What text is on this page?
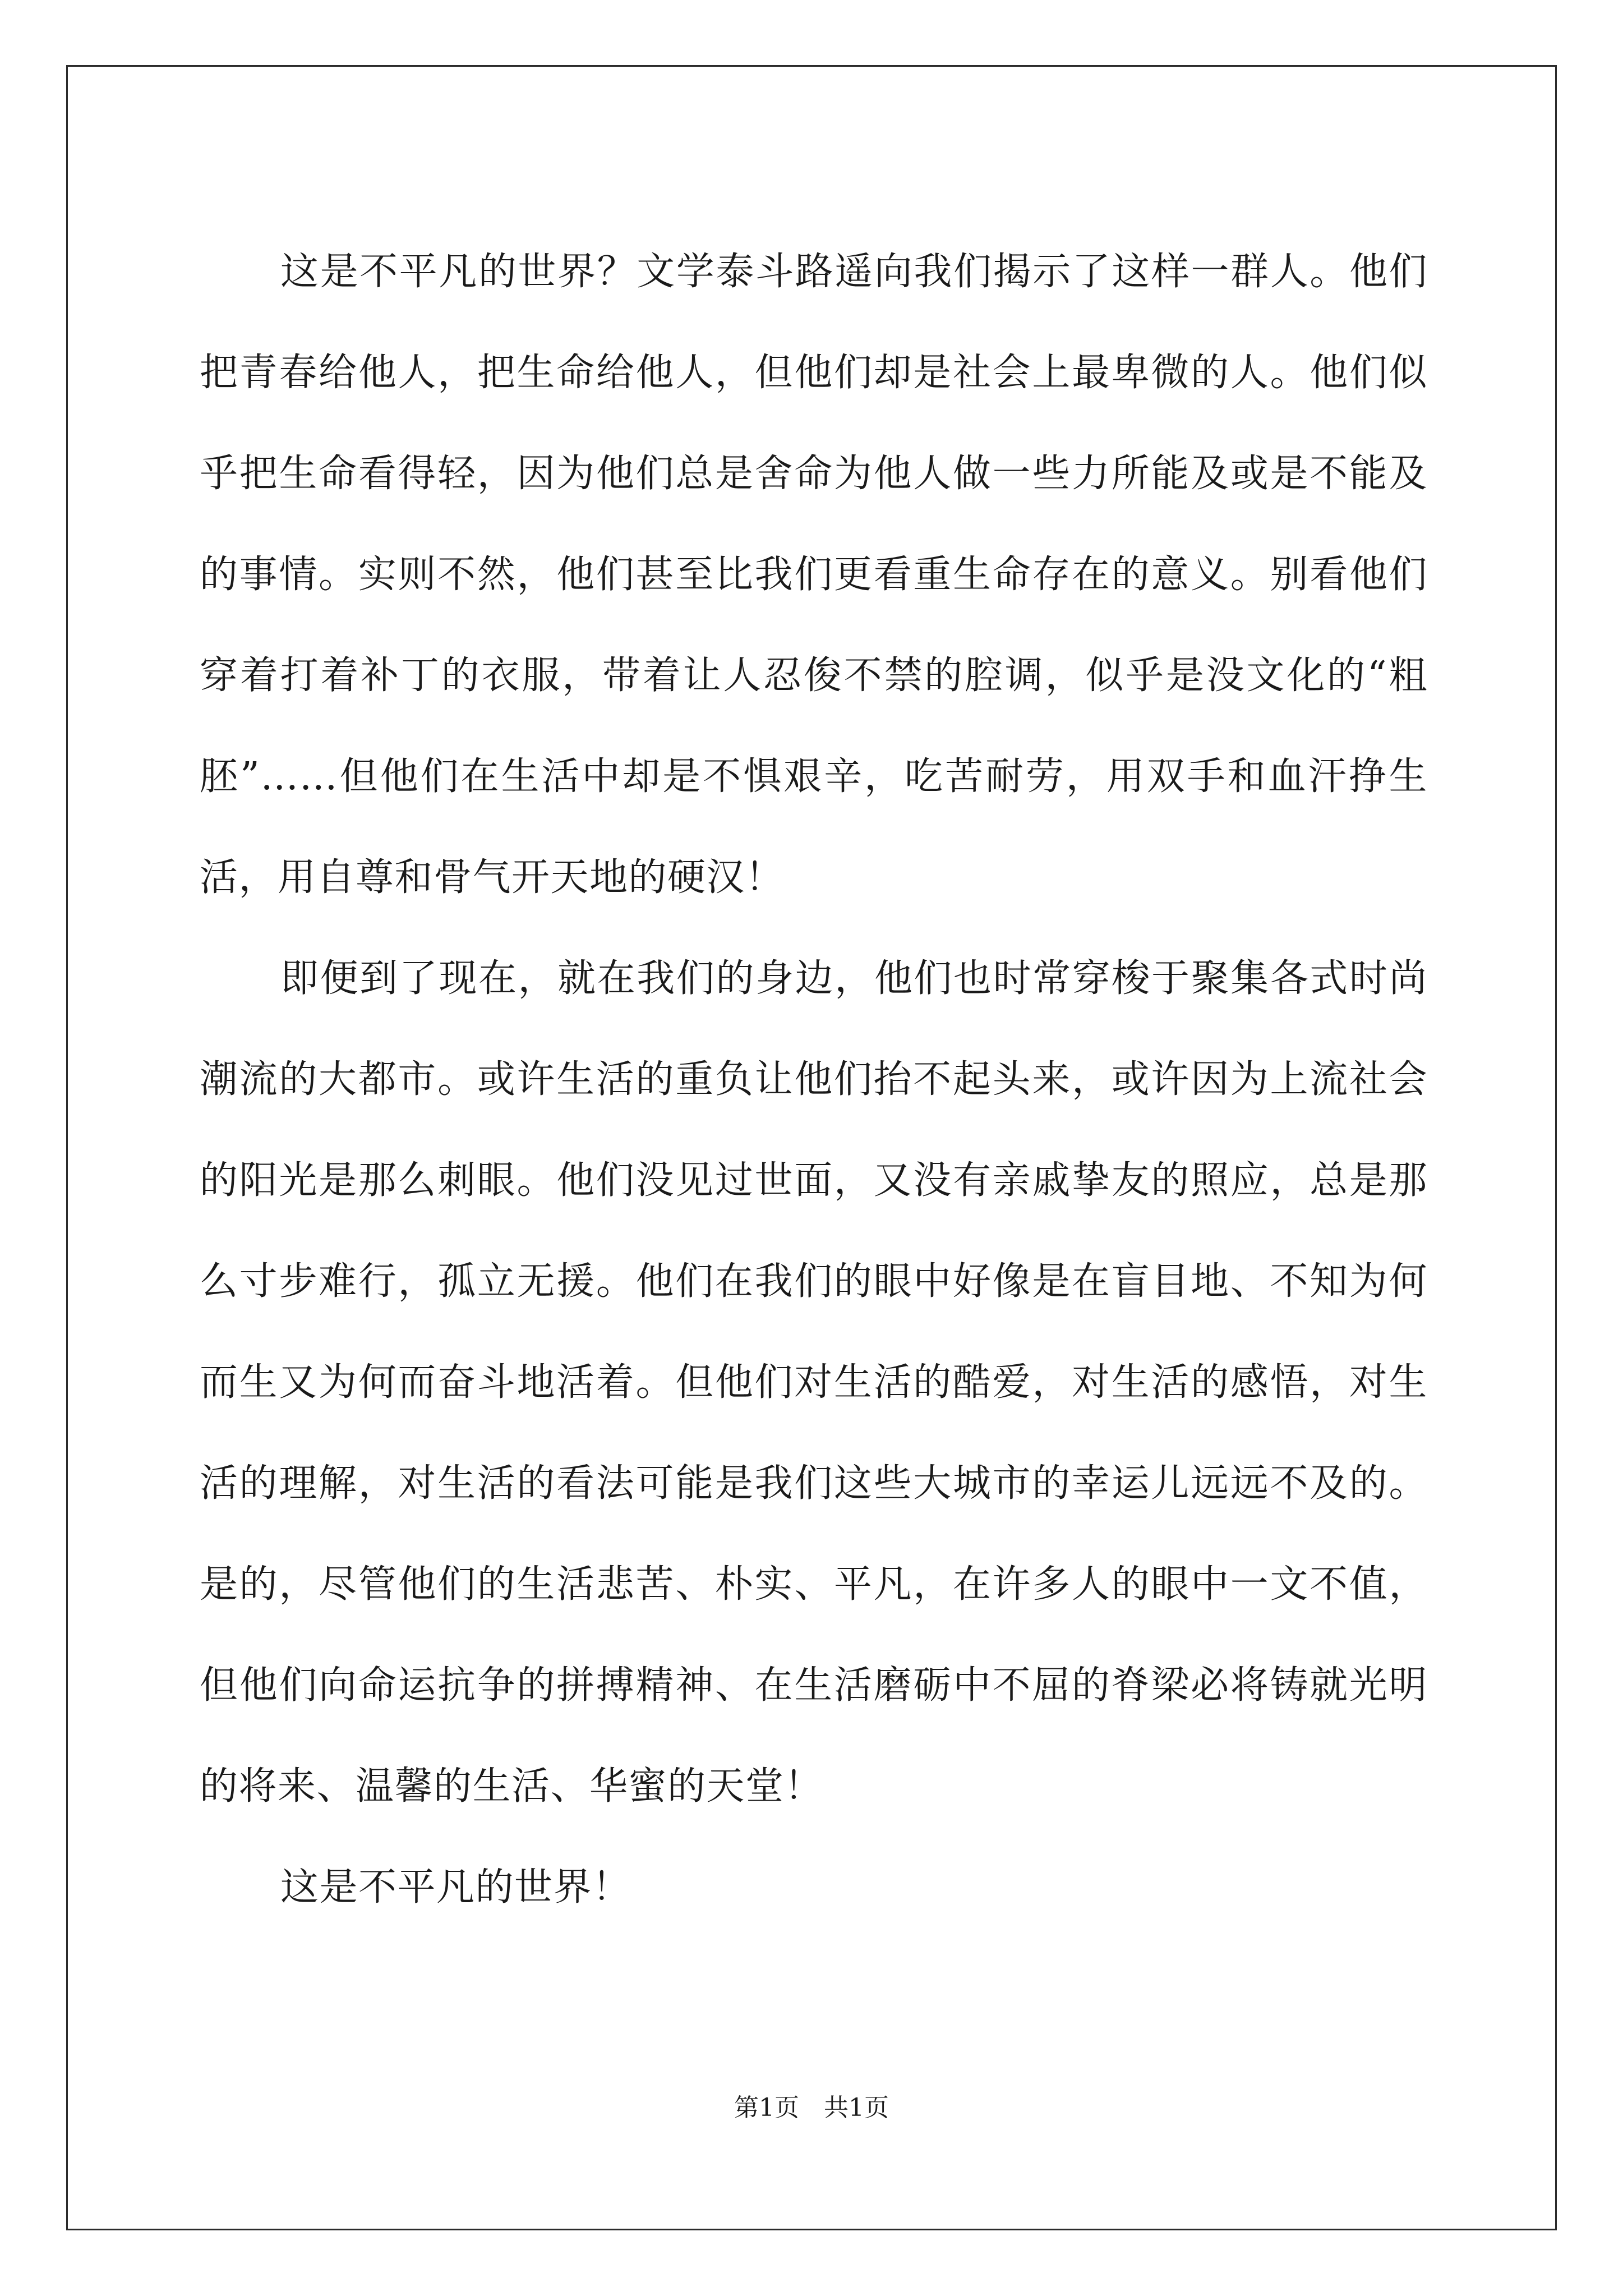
这是不平凡的世界？文学泰斗路遥向我们揭示了这样一群人。他们把青春给他人，把生命给他人，但他们却是社会上最卑微的人。他们似乎把生命看得轻，因为他们总是舍命为他人做一些力所能及或是不能及的事情。实则不然，他们甚至比我们更看重生命存在的意义。别看他们穿着打着补丁的衣服，带着让人忍俊不禁的腔调，似乎是没文化的“粗胚”……但他们在生活中却是不惧艰辛，吃苦耐劳，用双手和血汗挣生活，用自尊和骨气开天地的硬汉！

即便到了现在，就在我们的身边，他们也时常穿梭于聚集各式时尚潮流的大都市。或许生活的重负让他们抬不起头来，或许因为上流社会的阳光是那么刺眼。他们没见过世面，又没有亲戚挚友的照应，总是那么寸步难行，孤立无援。他们在我们的眼中好像是在盲目地、不知为何而生又为何而奋斗地活着。但他们对生活的酷爱，对生活的感悟，对生活的理解，对生活的看法可能是我们这些大城市的幸运儿远远不及的。是的，尽管他们的生活悲苦、朴实、平凡，在许多人的眼中一文不值，但他们向命运抗争的拼搏精神、在生活磨砺中不屈的脊梁必将铸就光明的将来、温馨的生活、华蜜的天堂！

这是不平凡的世界！

第1页　共1页
